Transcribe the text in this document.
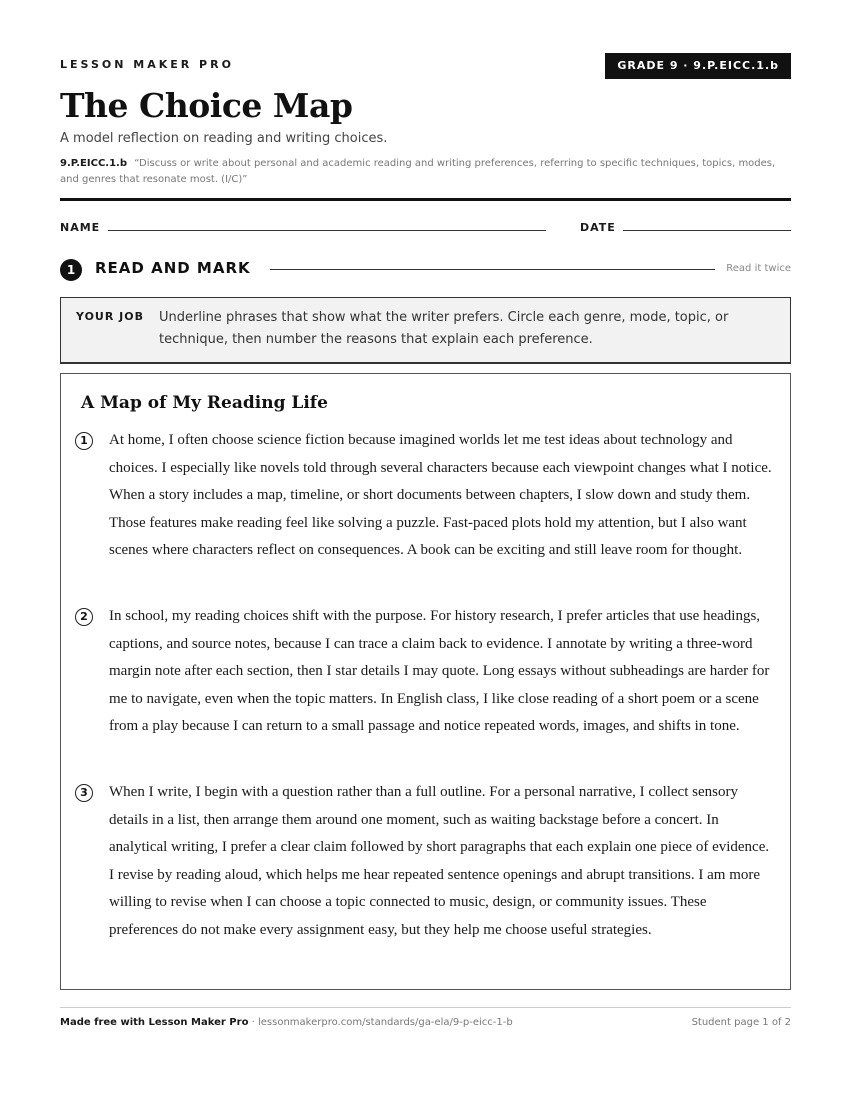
LESSON MAKER PRO	GRADE 9 · 9.P.EICC.1.b
The Choice Map

A model reflection on reading and writing choices.

9.P.EICC.1.b “Discuss or write about personal and academic reading and writing preferences, referring to specific techniques, topics, modes, and genres that resonate most. (I/C)”

NAME	DATE
1	READ AND MARK	Read it twice
YOUR JOB Underline phrases that show what the writer prefers. Circle each genre, mode, topic, or technique, then number the reasons that explain each preference.
A Map of My Reading Life
1	At home, I often choose science fiction because imagined worlds let me test ideas about technology and choices. I especially like novels told through several characters because each viewpoint changes what I notice. When a story includes a map, timeline, or short documents between chapters, I slow down and study them. Those features make reading feel like solving a puzzle. Fast-paced plots hold my attention, but I also want scenes where characters reflect on consequences. A book can be exciting and still leave room for thought.

2	In school, my reading choices shift with the purpose. For history research, I prefer articles that use headings, captions, and source notes, because I can trace a claim back to evidence. I annotate by writing a three-word margin note after each section, then I star details I may quote. Long essays without subheadings are harder for me to navigate, even when the topic matters. In English class, I like close reading of a short poem or a scene from a play because I can return to a small passage and notice repeated words, images, and shifts in tone.

3	When I write, I begin with a question rather than a full outline. For a personal narrative, I collect sensory details in a list, then arrange them around one moment, such as waiting backstage before a concert. In analytical writing, I prefer a clear claim followed by short paragraphs that each explain one piece of evidence. I revise by reading aloud, which helps me hear repeated sentence openings and abrupt transitions. I am more willing to revise when I can choose a topic connected to music, design, or community issues. These preferences do not make every assignment easy, but they help me choose useful strategies.

Made free with Lesson Maker Pro · lessonmakerpro.com/standards/ga-ela/9-p-eicc-1-b	Student page 1 of 2
